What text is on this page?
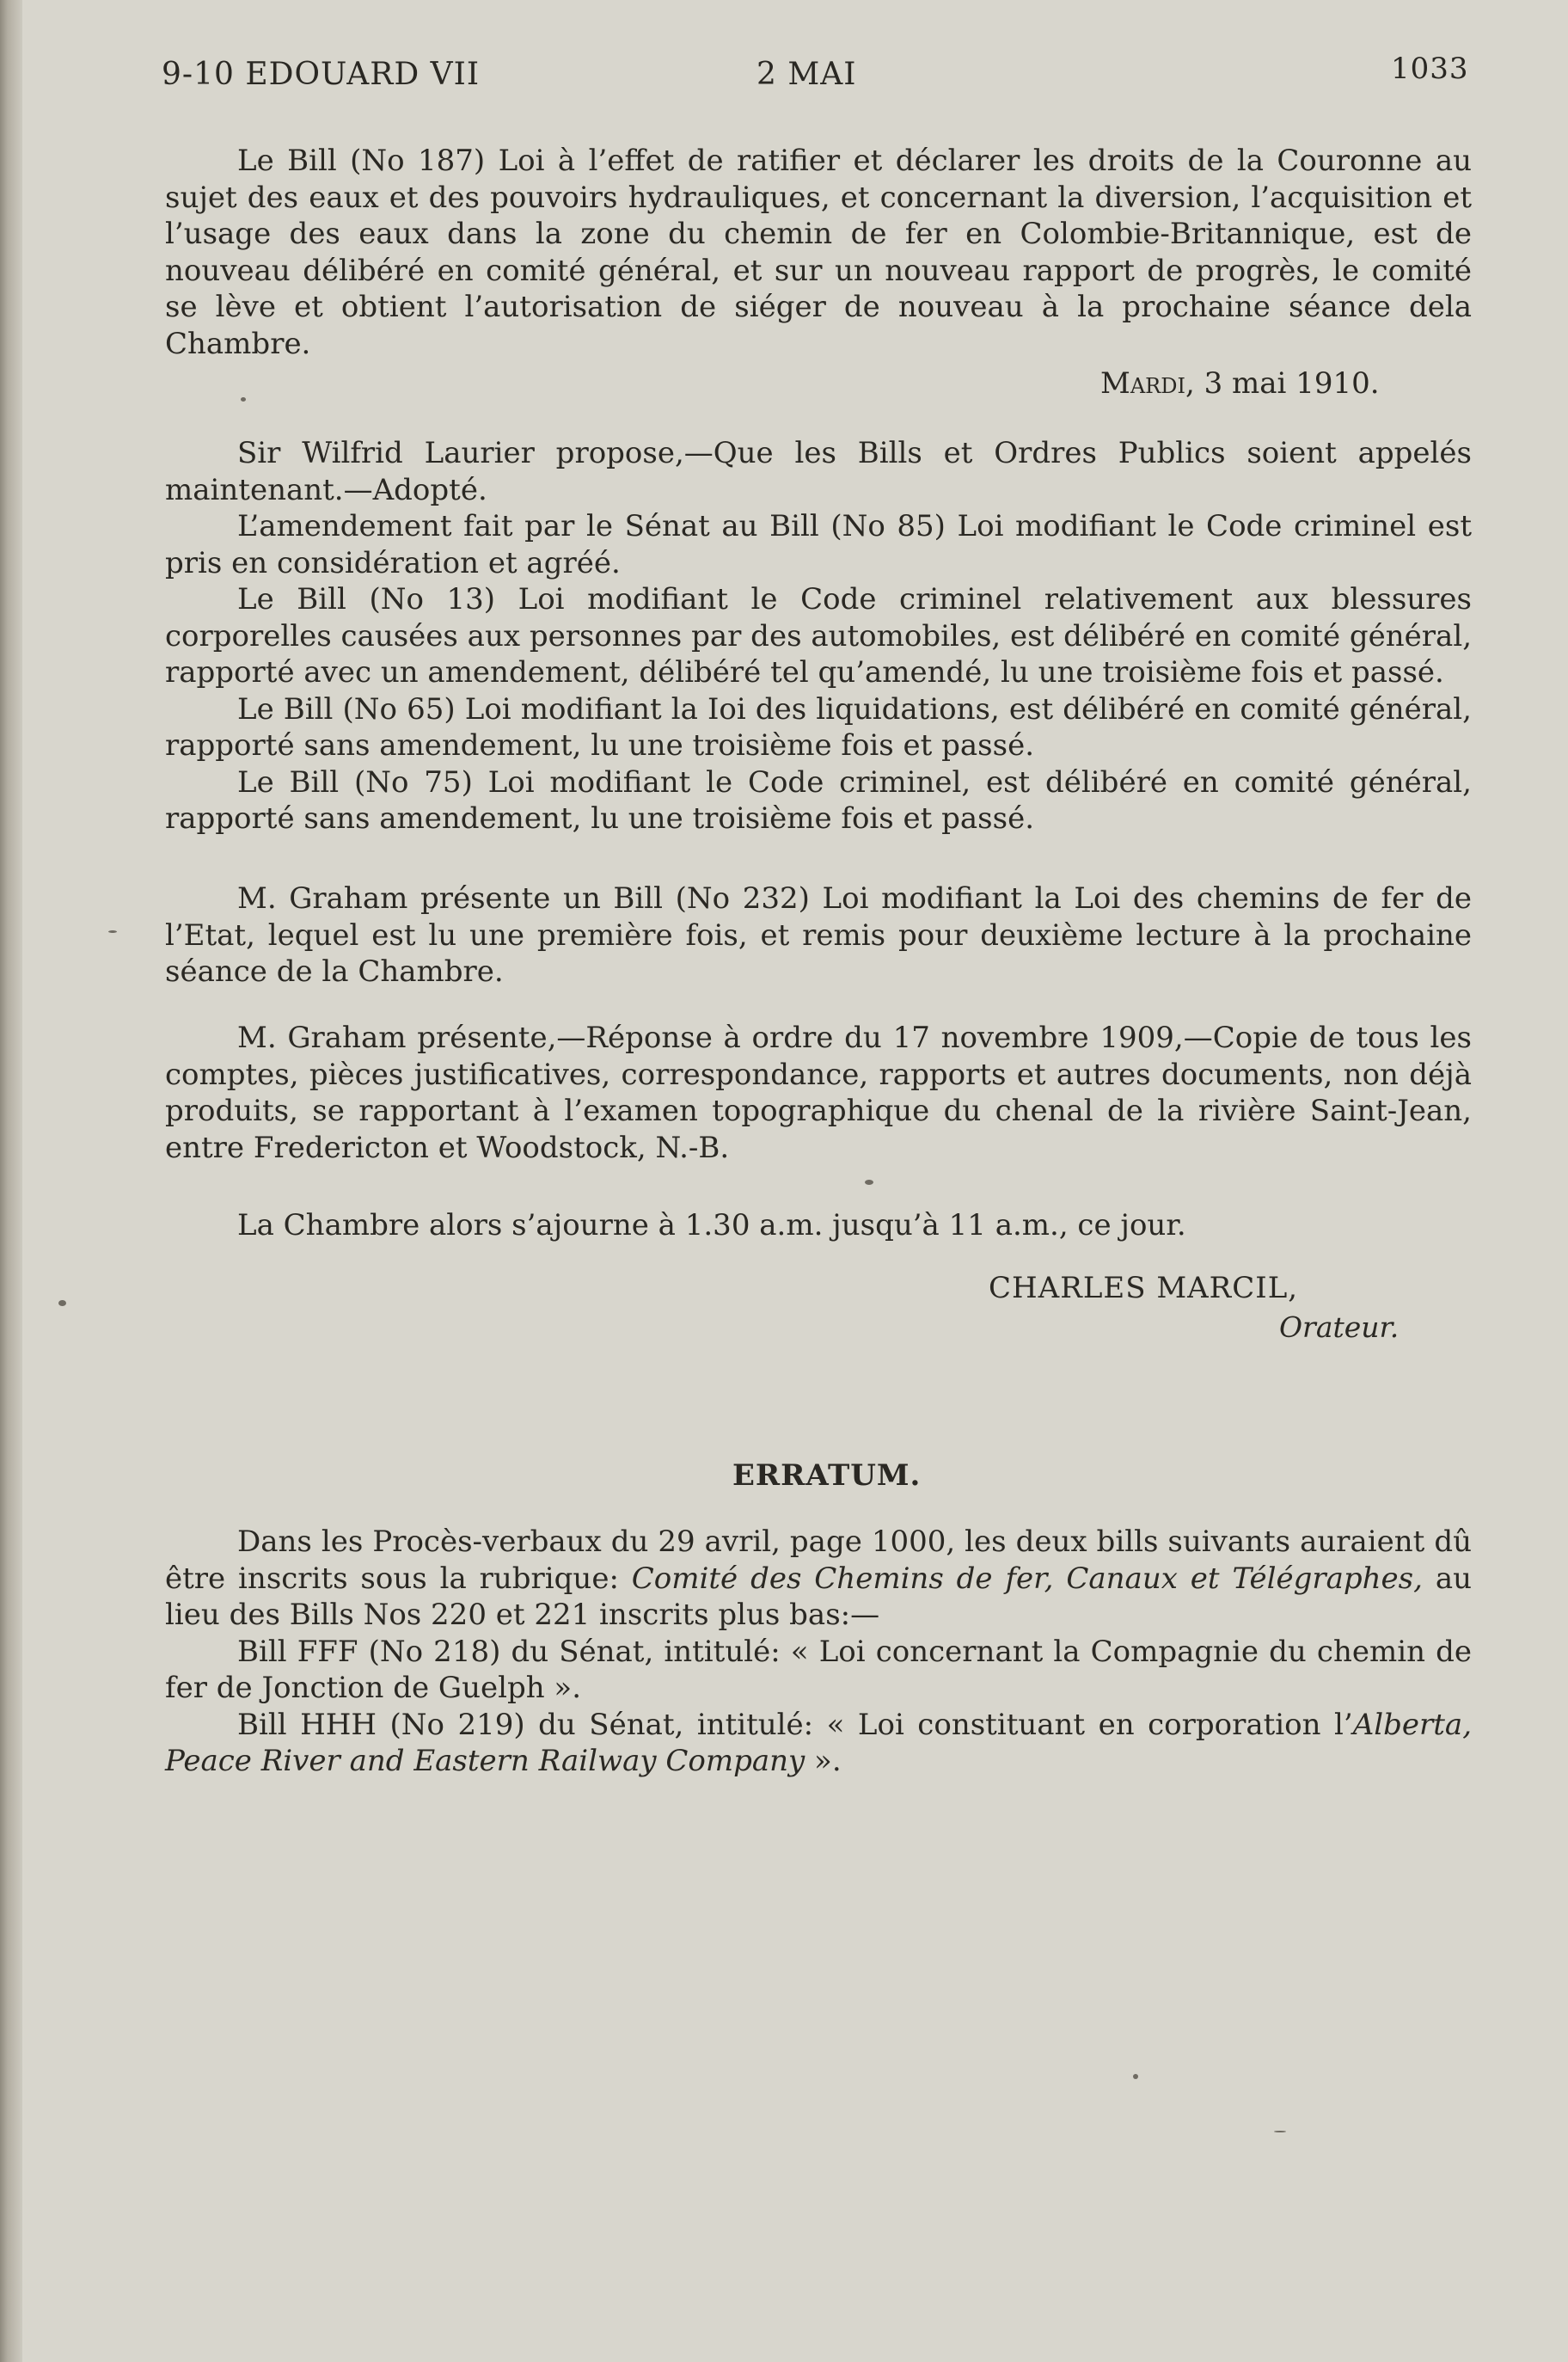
9-10 EDOUARD VII	2 MAI	1033

Le Bill (No 187) Loi à l’effet de ratifier et déclarer les droits de la Couronne au sujet des eaux et des pouvoirs hydrauliques, et concernant la diversion, l’acquisition et l’usage des eaux dans la zone du chemin de fer en Colombie-Britannique, est de nouveau délibéré en comité général, et sur un nouveau rapport de progrès, le comité se lève et obtient l’autorisation de siéger de nouveau à la prochaine séance dela Chambre.

Mardi, 3 mai 1910.

Sir Wilfrid Laurier propose,—Que les Bills et Ordres Publics soient appelés maintenant.—Adopté.

L’amendement fait par le Sénat au Bill (No 85) Loi modifiant le Code criminel est pris en considération et agréé.

Le Bill (No 13) Loi modifiant le Code criminel relativement aux blessures corporelles causées aux personnes par des automobiles, est délibéré en comité général, rapporté avec un amendement, délibéré tel qu’amendé, lu une troisième fois et passé.

Le Bill (No 65) Loi modifiant la Ioi des liquidations, est délibéré en comité général, rapporté sans amendement, lu une troisième fois et passé.

Le Bill (No 75) Loi modifiant le Code criminel, est délibéré en comité général, rapporté sans amendement, lu une troisième fois et passé.

M. Graham présente un Bill (No 232) Loi modifiant la Loi des chemins de fer de l’Etat, lequel est lu une première fois, et remis pour deuxième lecture à la prochaine séance de la Chambre.

M. Graham présente,—Réponse à ordre du 17 novembre 1909,—Copie de tous les comptes, pièces justificatives, correspondance, rapports et autres documents, non déjà produits, se rapportant à l’examen topographique du chenal de la rivière Saint-Jean, entre Fredericton et Woodstock, N.-B.

La Chambre alors s’ajourne à 1.30 a.m. jusqu’à 11 a.m., ce jour.

CHARLES MARCIL,
Orateur.
ERRATUM.

Dans les Procès-verbaux du 29 avril, page 1000, les deux bills suivants auraient dû être inscrits sous la rubrique: Comité des Chemins de fer, Canaux et Télégraphes, au lieu des Bills Nos 220 et 221 inscrits plus bas:—

Bill FFF (No 218) du Sénat, intitulé: « Loi concernant la Compagnie du chemin de fer de Jonction de Guelph ».

Bill HHH (No 219) du Sénat, intitulé: « Loi constituant en corporation l’Alberta, Peace River and Eastern Railway Company ».
